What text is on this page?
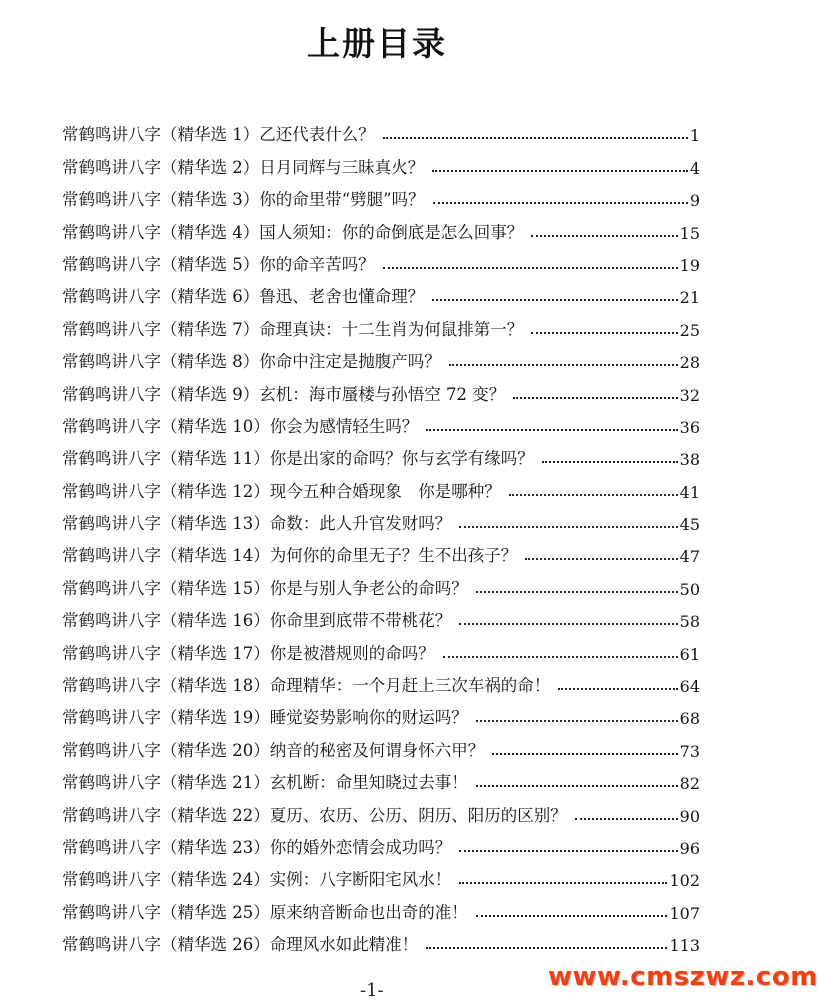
上册目录
常鹤鸣讲八字（精华选 1）乙还代表什么？	1
常鹤鸣讲八字（精华选 2）日月同辉与三昧真火？	4
常鹤鸣讲八字（精华选 3）你的命里带“劈腿”吗？	9
常鹤鸣讲八字（精华选 4）国人须知：你的命倒底是怎么回事？	15
常鹤鸣讲八字（精华选 5）你的命辛苦吗？	19
常鹤鸣讲八字（精华选 6）鲁迅、老舍也懂命理？	21
常鹤鸣讲八字（精华选 7）命理真诀：十二生肖为何鼠排第一？	25
常鹤鸣讲八字（精华选 8）你命中注定是抛腹产吗？	28
常鹤鸣讲八字（精华选 9）玄机：海市蜃楼与孙悟空 72 变？	32
常鹤鸣讲八字（精华选 10）你会为感情轻生吗？	36
常鹤鸣讲八字（精华选 11）你是出家的命吗？你与玄学有缘吗？	38
常鹤鸣讲八字（精华选 12）现今五种合婚现象　你是哪种？	41
常鹤鸣讲八字（精华选 13）命数：此人升官发财吗？	45
常鹤鸣讲八字（精华选 14）为何你的命里无子？生不出孩子？	47
常鹤鸣讲八字（精华选 15）你是与别人争老公的命吗？	50
常鹤鸣讲八字（精华选 16）你命里到底带不带桃花？	58
常鹤鸣讲八字（精华选 17）你是被潜规则的命吗？	61
常鹤鸣讲八字（精华选 18）命理精华：一个月赶上三次车祸的命！	64
常鹤鸣讲八字（精华选 19）睡觉姿势影响你的财运吗？	68
常鹤鸣讲八字（精华选 20）纳音的秘密及何谓身怀六甲？	73
常鹤鸣讲八字（精华选 21）玄机断：命里知晓过去事！	82
常鹤鸣讲八字（精华选 22）夏历、农历、公历、阴历、阳历的区别？	90
常鹤鸣讲八字（精华选 23）你的婚外恋情会成功吗？	96
常鹤鸣讲八字（精华选 24）实例：八字断阳宅风水！	102
常鹤鸣讲八字（精华选 25）原来纳音断命也出奇的准！	107
常鹤鸣讲八字（精华选 26）命理风水如此精准！	113
-1-	www.cmszwz.com
